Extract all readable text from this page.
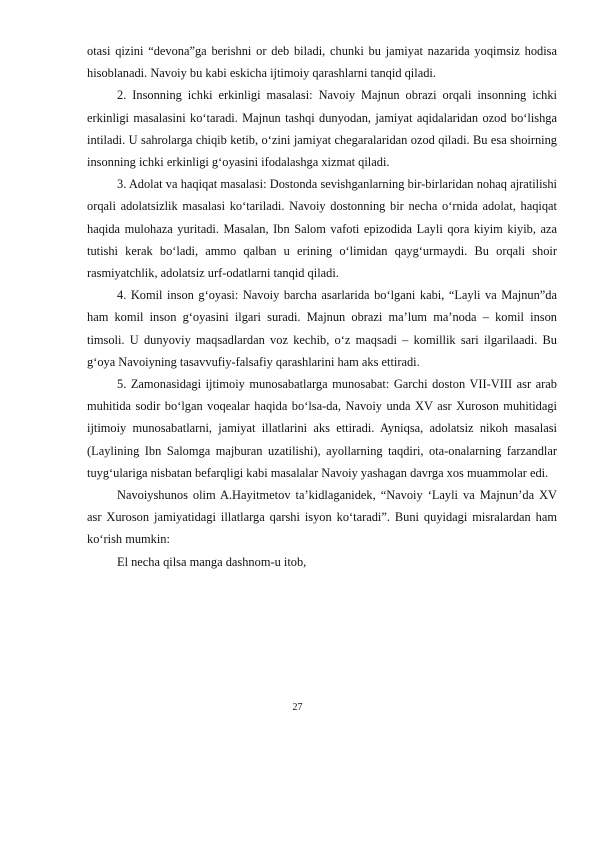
otasi qizini “devona”ga berishni or deb biladi, chunki bu jamiyat nazarida yoqimsiz hodisa hisoblanadi. Navoiy bu kabi eskicha ijtimoiy qarashlarni tanqid qiladi.

2. Insonning ichki erkinligi masalasi: Navoiy Majnun obrazi orqali insonning ichki erkinligi masalasini ko‘taradi. Majnun tashqi dunyodan, jamiyat aqidalaridan ozod bo‘lishga intiladi. U sahrolarga chiqib ketib, o‘zini jamiyat chegaralaridan ozod qiladi. Bu esa shoirning insonning ichki erkinligi g‘oyasini ifodalashga xizmat qiladi.

3. Adolat va haqiqat masalasi: Dostonda sevishganlarning bir-birlaridan nohaq ajratilishi orqali adolatsizlik masalasi ko‘tariladi. Navoiy dostonning bir necha o‘rnida adolat, haqiqat haqida mulohaza yuritadi. Masalan, Ibn Salom vafoti epizodida Layli qora kiyim kiyib, aza tutishi kerak bo‘ladi, ammo qalban u erining o‘limidan qayg‘urmaydi. Bu orqali shoir rasmiyatchlik, adolatsiz urf-odatlarni tanqid qiladi.

4. Komil inson g‘oyasi: Navoiy barcha asarlarida bo‘lgani kabi, “Layli va Majnun”da ham komil inson g‘oyasini ilgari suradi. Majnun obrazi ma’lum ma’noda – komil inson timsoli. U dunyoviy maqsadlardan voz kechib, o‘z maqsadi – komillik sari ilgarilaadi. Bu g‘oya Navoiyning tasavvufiy-falsafiy qarashlarini ham aks ettiradi.

5. Zamonasidagi ijtimoiy munosabatlarga munosabat: Garchi doston VII-VIII asr arab muhitida sodir bo‘lgan voqealar haqida bo‘lsa-da, Navoiy unda XV asr Xuroson muhitidagi ijtimoiy munosabatlarni, jamiyat illatlarini aks ettiradi. Ayniqsa, adolatsiz nikoh masalasi (Laylining Ibn Salomga majburan uzatilishi), ayollarning taqdiri, ota-onalarning farzandlar tuyg‘ulariga nisbatan befarqligi kabi masalalar Navoiy yashagan davrga xos muammolar edi.

Navoiyshunos olim A.Hayitmetov ta’kidlaganidek, “Navoiy ‘Layli va Majnun’da XV asr Xuroson jamiyatidagi illatlarga qarshi isyon ko‘taradi”. Buni quyidagi misralardan ham ko‘rish mumkin:

El necha qilsa manga dashnom-u itob,

27
